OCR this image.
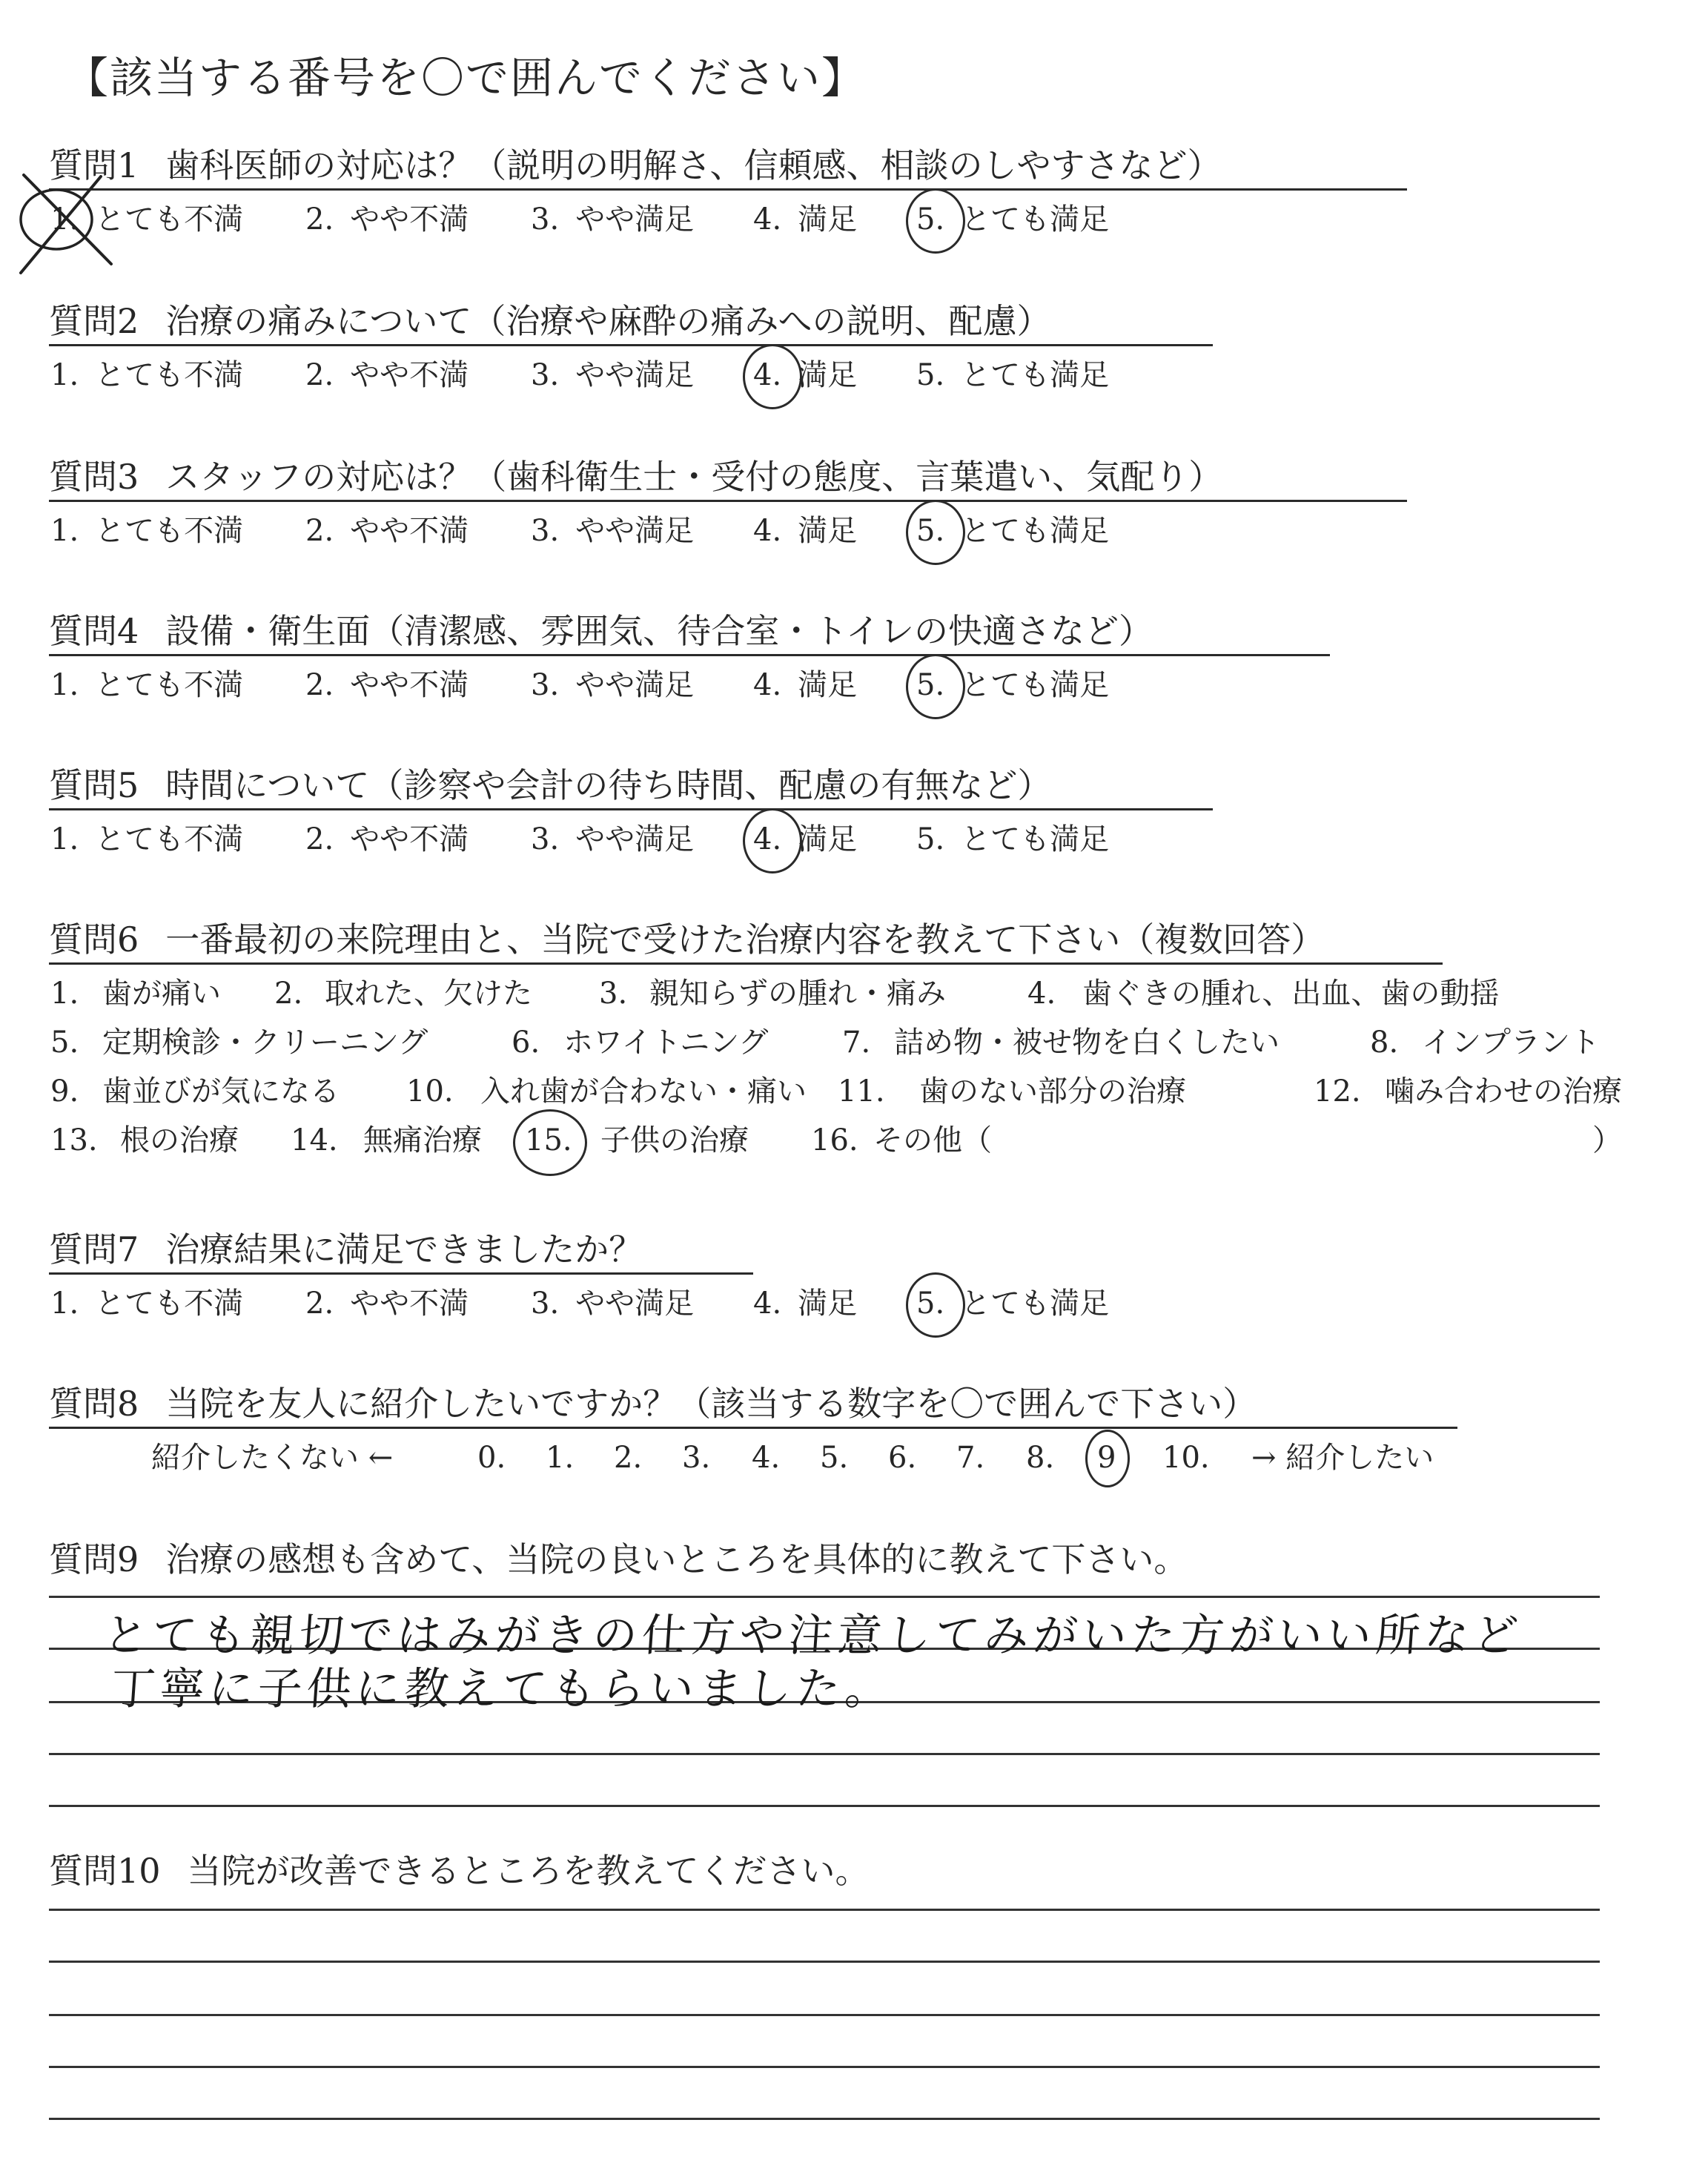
【該当する番号を〇で囲んでください】
質問1 歯科医師の対応は？（説明の明解さ、信頼感、相談のしやすさなど）
1. とても不満 2. やや不満 3. やや満足 4. 満足 5. とても満足
質問2 治療の痛みについて（治療や麻酔の痛みへの説明、配慮）
1. とても不満 2. やや不満 3. やや満足 4. 満足 5. とても満足
質問3 スタッフの対応は？（歯科衛生士・受付の態度、言葉遣い、気配り）
1. とても不満 2. やや不満 3. やや満足 4. 満足 5. とても満足
質問4 設備・衛生面（清潔感、雰囲気、待合室・トイレの快適さなど）
1. とても不満 2. やや不満 3. やや満足 4. 満足 5. とても満足
質問5 時間について（診察や会計の待ち時間、配慮の有無など）
1. とても不満 2. やや不満 3. やや満足 4. 満足 5. とても満足
質問6 一番最初の来院理由と、当院で受けた治療内容を教えて下さい（複数回答）
1. 歯が痛い 2. 取れた、欠けた 3. 親知らずの腫れ・痛み	4. 歯ぐきの腫れ、出血、歯の動揺
5. 定期検診・クリーニング	6. ホワイトニング 7. 詰め物・被せ物を白くしたい	8. インプラント
9. 歯並びが気になる 10. 入れ歯が合わない・痛い 11. 歯のない部分の治療	12. 噛み合わせの治療
13. 根の治療 14. 無痛治療 15. 子供の治療 16. その他（	）
質問7 治療結果に満足できましたか？
1. とても不満 2. やや不満 3. やや満足 4. 満足 5. とても満足
質問8 当院を友人に紹介したいですか？（該当する数字を〇で囲んで下さい）
紹介したくない ←	0. 1. 2. 3. 4. 5. 6. 7. 8. 9 10. → 紹介したい
質問9 治療の感想も含めて、当院の良いところを具体的に教えて下さい。
とても親切ではみがきの仕方や注意してみがいた方がいい所など
丁寧に子供に教えてもらいました。
質問10 当院が改善できるところを教えてください。
